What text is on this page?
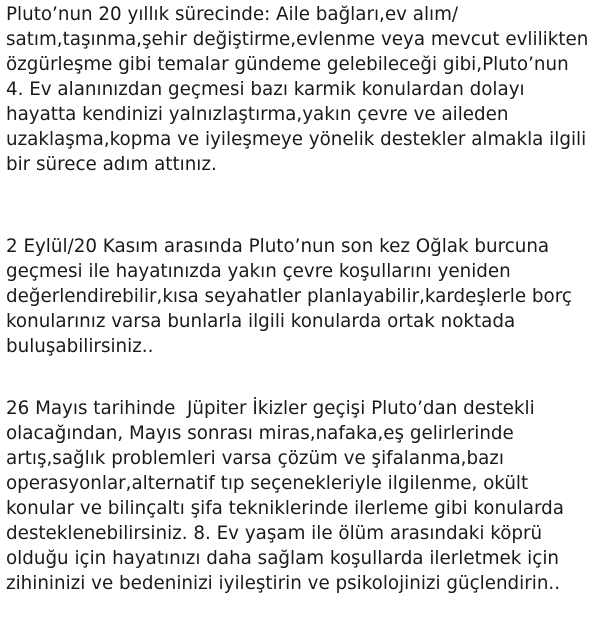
Pluto’nun 20 yıllık sürecinde: Aile bağları,ev alım/
satım,taşınma,şehir değiştirme,evlenme veya mevcut evlilikten
özgürleşme gibi temalar gündeme gelebileceği gibi,Pluto’nun
4. Ev alanınızdan geçmesi bazı karmik konulardan dolayı
hayatta kendinizi yalnızlaştırma,yakın çevre ve aileden
uzaklaşma,kopma ve iyileşmeye yönelik destekler almakla ilgili
bir sürece adım attınız.
2 Eylül/20 Kasım arasında Pluto’nun son kez Oğlak burcuna
geçmesi ile hayatınızda yakın çevre koşullarını yeniden
değerlendirebilir,kısa seyahatler planlayabilir,kardeşlerle borç
konularınız varsa bunlarla ilgili konularda ortak noktada
buluşabilirsiniz..
26 Mayıs tarihinde  Jüpiter İkizler geçişi Pluto’dan destekli
olacağından, Mayıs sonrası miras,nafaka,eş gelirlerinde
artış,sağlık problemleri varsa çözüm ve şifalanma,bazı
operasyonlar,alternatif tıp seçenekleriyle ilgilenme, okült
konular ve bilinçaltı şifa tekniklerinde ilerleme gibi konularda
desteklenebilirsiniz. 8. Ev yaşam ile ölüm arasındaki köprü
olduğu için hayatınızı daha sağlam koşullarda ilerletmek için
zihininizi ve bedeninizi iyileştirin ve psikolojinizi güçlendirin..
